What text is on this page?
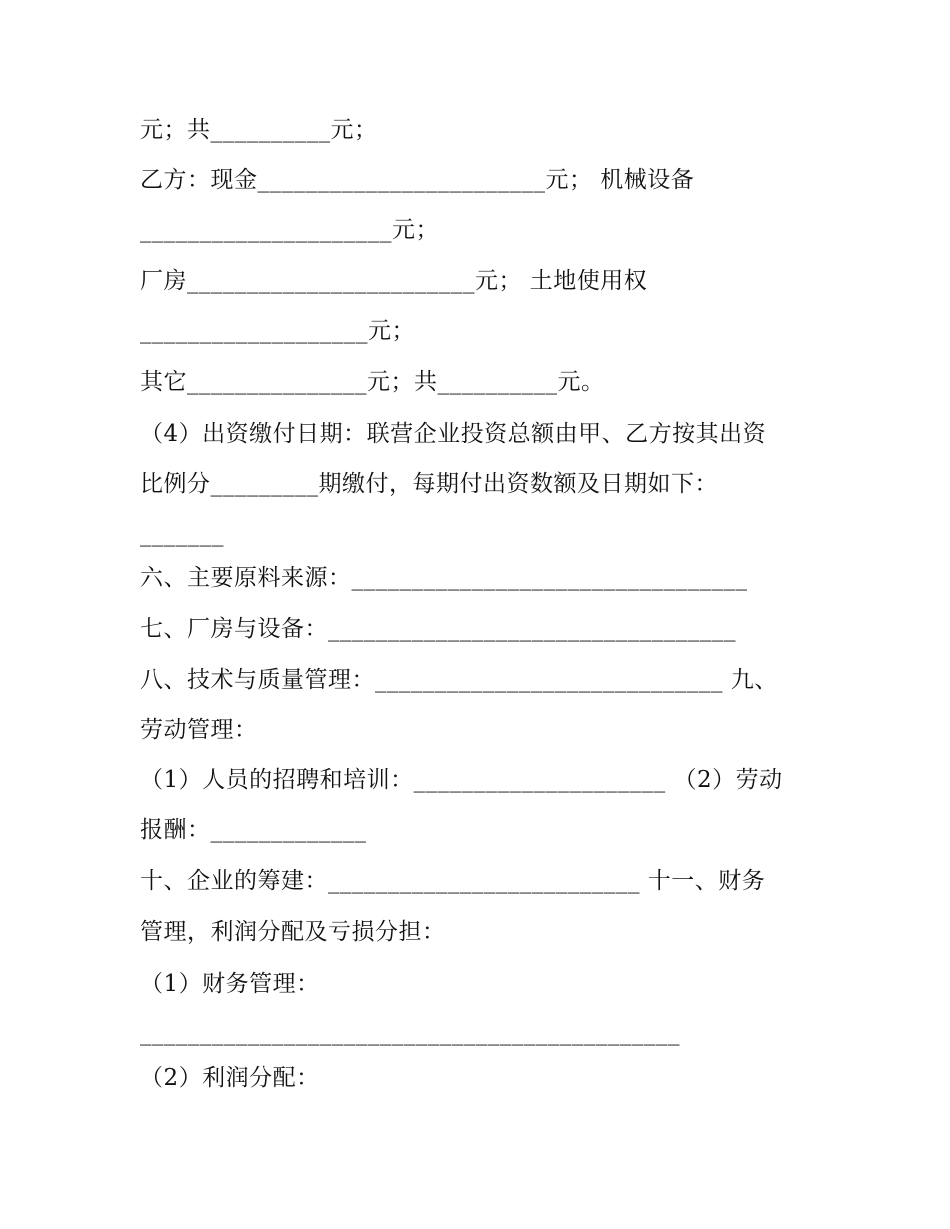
元；共__________元；
乙方：现金________________________元； 机械设备
_____________________元；
厂房________________________元； 土地使用权
___________________元；
其它_______________元；共__________元。
（4）出资缴付日期：联营企业投资总额由甲、乙方按其出资
比例分_________期缴付，每期付出资数额及日期如下：
_______
六、主要原料来源：_________________________________
七、厂房与设备：__________________________________
八、技术与质量管理：_____________________________ 九、
劳动管理：
（1）人员的招聘和培训：_____________________ （2）劳动
报酬：_____________
十、企业的筹建：__________________________ 十一、财务
管理，利润分配及亏损分担：
（1）财务管理：
_____________________________________________
（2）利润分配：
